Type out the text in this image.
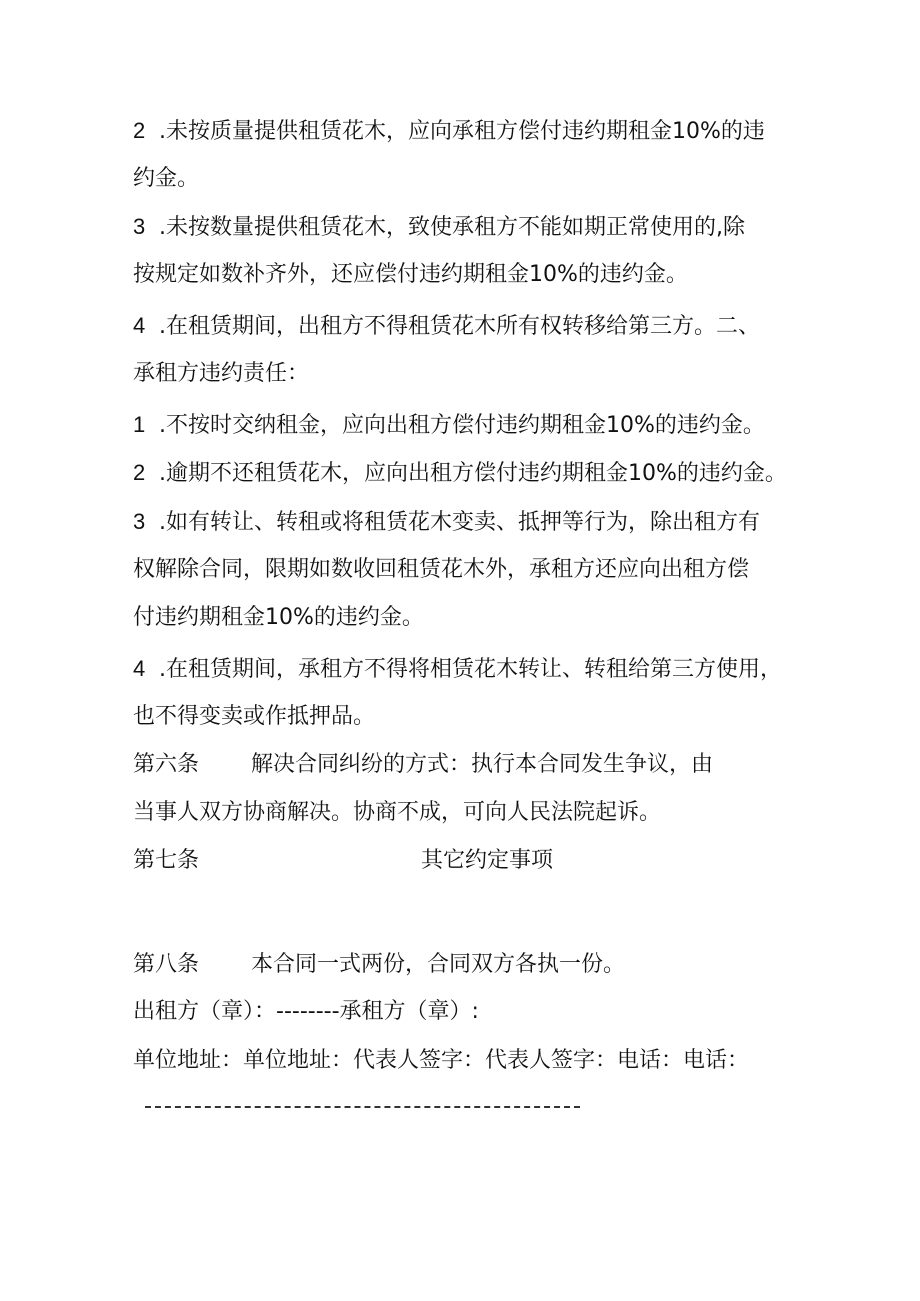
2 .未按质量提供租赁花木，应向承租方偿付违约期租金10%的违
约金。
3 .未按数量提供租赁花木，致使承租方不能如期正常使用的,除
按规定如数补齐外，还应偿付违约期租金10%的违约金。
4 .在租赁期间，出租方不得租赁花木所有权转移给第三方。二、
承租方违约责任：
1 .不按时交纳租金，应向出租方偿付违约期租金10%的违约金。
2 .逾期不还租赁花木，应向出租方偿付违约期租金10%的违约金。
3 .如有转让、转租或将租赁花木变卖、抵押等行为，除出租方有
权解除合同，限期如数收回租赁花木外，承租方还应向出租方偿
付违约期租金10%的违约金。
4 .在租赁期间，承租方不得将相赁花木转让、转租给第三方使用，
也不得变卖或作抵押品。
第六条 解决合同纠纷的方式：执行本合同发生争议，由
当事人双方协商解决。协商不成，可向人民法院起诉。
第七条	其它约定事项
第八条 本合同一式两份，合同双方各执一份。
出租方（章）：--------承租方（章）:
单位地址：单位地址：代表人签字：代表人签字：电话：电话：
